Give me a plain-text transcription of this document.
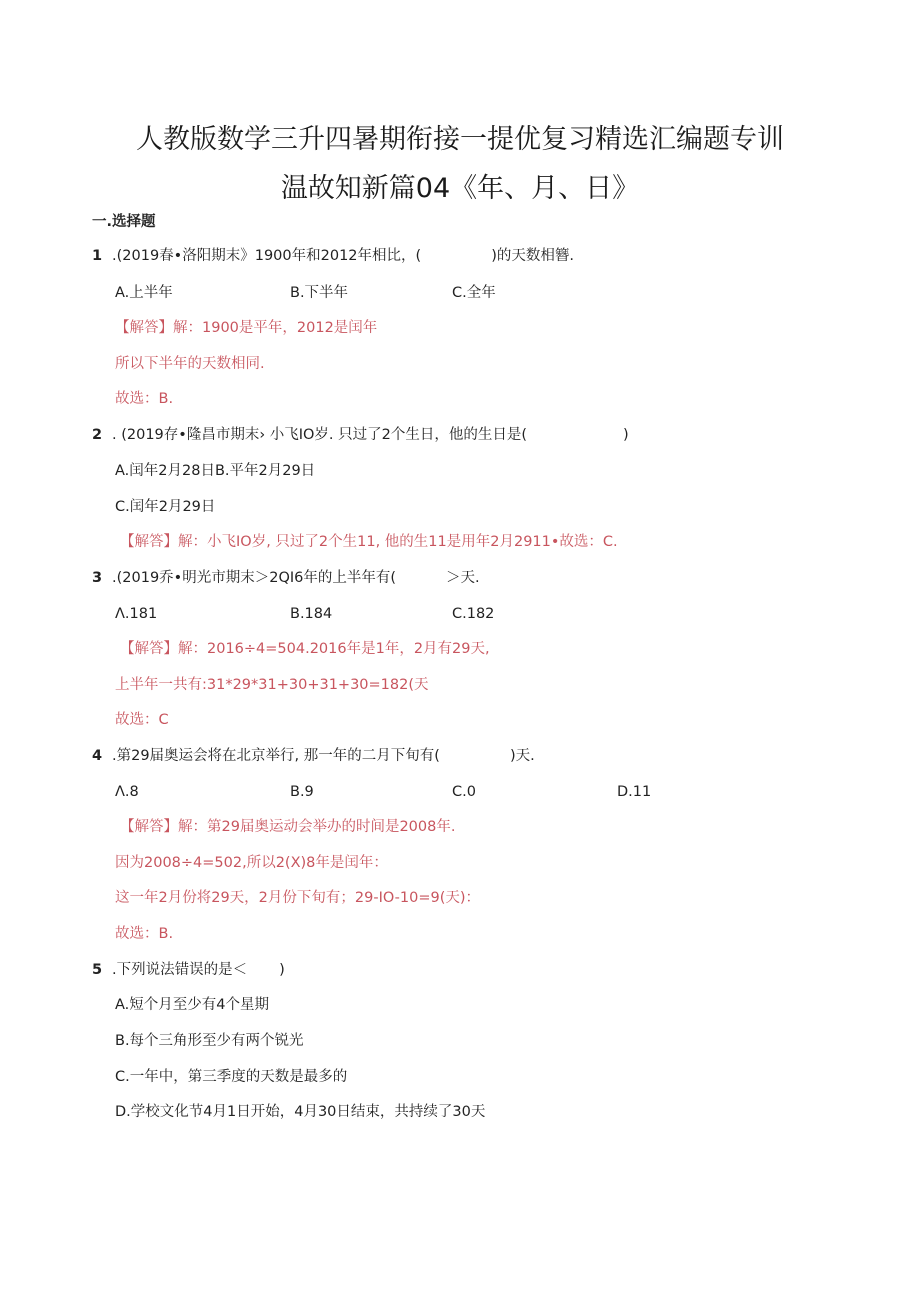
人教版数学三升四暑期衔接一提优复习精选汇编题专训
温故知新篇04《年、月、日》
一.选择题
1 .(2019春•洛阳期末》1900年和2012年相比，(	)的天数相簪.
A.上半年	B.下半年	C.全年
【解答】解：1900是平年，2012是闰年
所以下半年的天数相同.
故选：B.
2 . (2019存•隆昌市期末› 小飞IO岁. 只过了2个生日，他的生日是(	)
A.闰年2月28日B.平年2月29日
C.闰年2月29日
【解答】解：小飞IO岁, 只过了2个生11, 他的生11是用年2月2911•故选：C.
3 .(2019乔•明光市期末＞2QI6年的上半年有(	＞天.
Λ.181	B.184	C.182
【解答】解：2016÷4=504.2016年是1年，2月有29天,
上半年一共有:31*29*31+30+31+30=182(天
故选：C
4 .第29届奥运会将在北京举行, 那一年的二月下旬有(	)天.
Λ.8	B.9	C.0	D.11
【解答】解：第29届奥运动会举办的时间是2008年.
因为2008÷4=502,所以2(X)8年是闰年：
这一年2月份将29天，2月份下旬有；29-IO-10=9(天)：
故选：B.
5 .下列说法错误的是＜ )
A.短个月至少有4个星期
B.每个三角形至少有两个锐光
C.一年中，第三季度的天数是最多的
D.学校文化节4月1日开始，4月30日结束，共持续了30天
